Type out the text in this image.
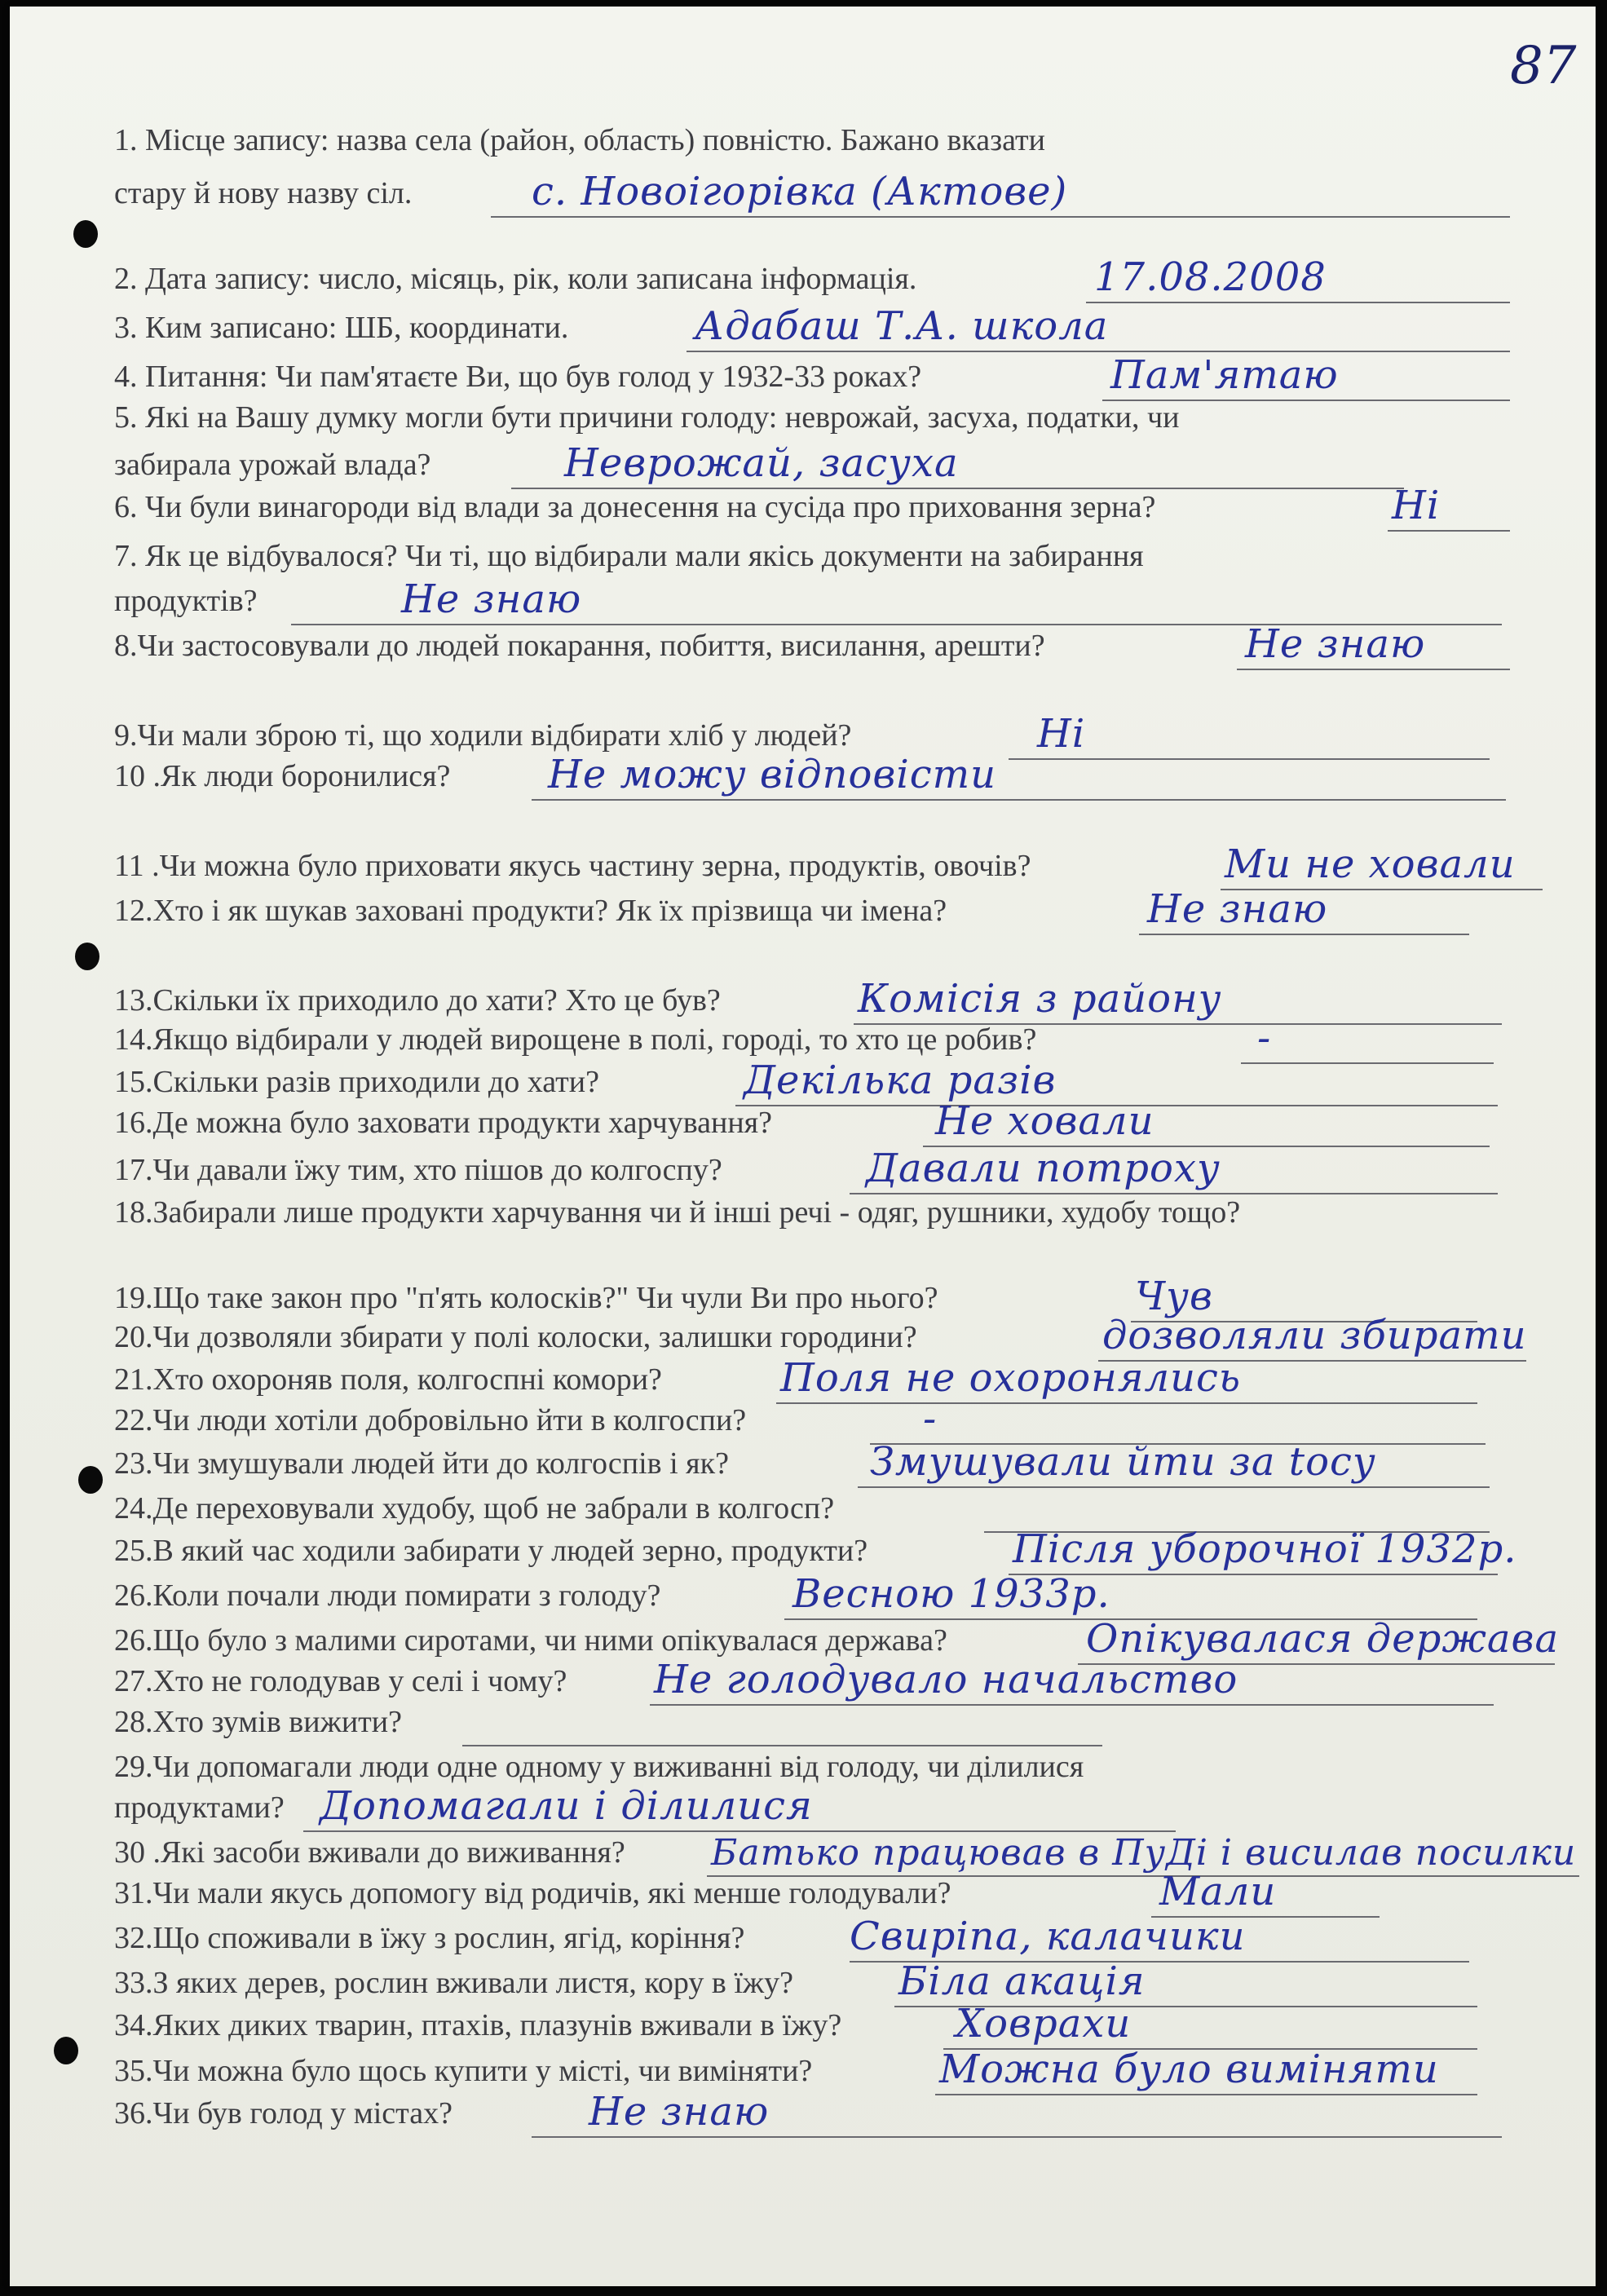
87
1. Місце запису: назва села (район, область) повністю. Бажано вказати
стару й нову назву сіл.	с. Новоігорівка (Актове)
2. Дата запису: число, місяць, рік, коли записана інформація.	17.08.2008
3. Ким записано: ШБ, координати.	Адабаш Т.А. школа
4. Питання: Чи пам'ятаєте Ви, що був голод у 1932-33 роках?	Пам'ятаю
5. Які на Вашу думку могли бути причини голоду: неврожай, засуха, податки, чи
забирала урожай влада?	Неврожай, засуха
6. Чи були винагороди від влади за донесення на сусіда про приховання зерна?	Ні
7. Як це відбувалося? Чи ті, що відбирали мали якісь документи на забирання
продуктів?	Не знаю
8.Чи застосовували до людей покарання, побиття, висилання, арешти?	Не знаю
9.Чи мали зброю ті, що ходили відбирати хліб у людей?	Ні
10 .Як люди боронилися? Не можу відповісти
11 .Чи можна було приховати якусь частину зерна, продуктів, овочів?	Ми не ховали
12.Хто і як шукав заховані продукти? Як їх прізвища чи імена?	Не знаю
13.Скільки їх приходило до хати? Хто це був?	Комісія з району
14.Якщо відбирали у людей вирощене в полі, городі, то хто це робив?	-
15.Скільки разів приходили до хати?	Декілька разів
16.Де можна було заховати продукти харчування?	Не ховали
17.Чи давали їжу тим, хто пішов до колгоспу?	Давали потроху
18.Забирали лише продукти харчування чи й інші речі - одяг, рушники, худобу тощо?
19.Що таке закон про "п'ять колосків?" Чи чули Ви про нього?	Чув
20.Чи дозволяли збирати у полі колоски, залишки городини?	дозволяли збирати
21.Хто охороняв поля, колгоспні комори?	Поля не охоронялись
22.Чи люди хотіли добровільно йти в колгоспи?	-
23.Чи змушували людей йти до колгоспів і як?	Змушували йти за tocy
24.Де переховували худобу, щоб не забрали в колгосп?
25.В який час ходили забирати у людей зерно, продукти?	Після уборочної 1932р.
26.Коли почали люди помирати з голоду?	Весною 1933р.
26.Що було з малими сиротами, чи ними опікувалася держава?	Опікувалася держава
27.Хто не голодував у селі і чому? Не голодувало начальство
28.Хто зумів вижити?
29.Чи допомагали люди одне одному у виживанні від голоду, чи ділилися
продуктами? Допомагали і ділилися
30 .Які засоби вживали до виживання? Батько працював в ПуДі і висилав посилки
31.Чи мали якусь допомогу від родичів, які менше голодували?	Мали
32.Що споживали в їжу з рослин, ягід, коріння?	Свиріпа, калачики
33.З яких дерев, рослин вживали листя, кору в їжу?	Біла акація
34.Яких диких тварин, птахів, плазунів вживали в їжу?	Ховрахи
35.Чи можна було щось купити у місті, чи виміняти?	Можна було виміняти
36.Чи був голод у містах?	Не знаю
